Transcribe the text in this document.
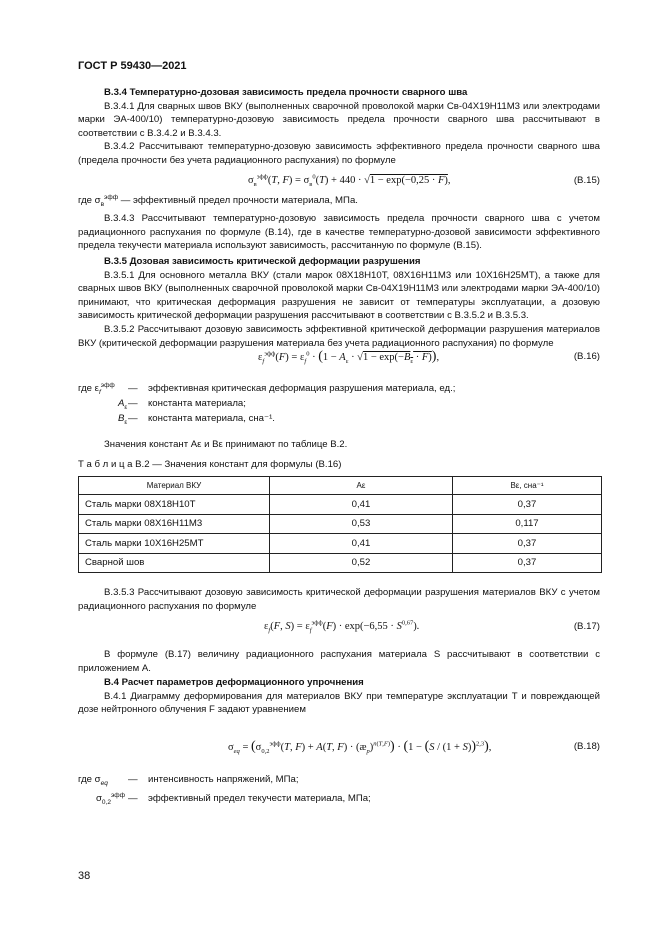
ГОСТ Р 59430—2021

В.3.4 Температурно-дозовая зависимость предела прочности сварного шва

В.3.4.1 Для сварных швов ВКУ (выполненных сварочной проволокой марки Св-04Х19Н11М3 или электродами марки ЭА-400/10) температурно-дозовую зависимость предела прочности сварного шва рассчитывают в соответствии с В.3.4.2 и В.3.4.3.

В.3.4.2 Рассчитывают температурно-дозовую зависимость эффективного предела прочности сварного шва (предела прочности без учета радиационного распухания) по формуле

$\sigma_в^{эфф}(T$, $F) = \sigma_в^0(T) + 440 \cdot √1 - \exp(-0,25 \cdot F)$,	(В.15)

где $\sigma_в^{эфф}$ — эффективный предел прочности материала, МПа.

В.3.4.3 Рассчитывают температурно-дозовую зависимость предела прочности сварного шва с учетом радиационного распухания по формуле (В.14), где в качестве температурно-дозовой зависимости эффективного предела текучести материала используют зависимость, рассчитанную по формуле (В.15).

В.3.5 Дозовая зависимость критической деформации разрушения

В.3.5.1 Для основного металла ВКУ (стали марок 08Х18Н10Т, 08Х16Н11М3 или 10Х16Н25МТ), а также для сварных швов ВКУ (выполненных сварочной проволокой марки Св-04Х19Н11М3 или электродами марки ЭА-400/10) принимают, что критическая деформация разрушения не зависит от температуры эксплуатации, а дозовую зависимость критической деформации разрушения рассчитывают в соответствии с В.3.5.2 и В.3.5.3.

В.3.5.2 Рассчитывают дозовую зависимость эффективной критической деформации разрушения материалов ВКУ (критической деформации разрушения материала без учета радиационного распухания) по формуле

$\varepsilon_f^{эфф}(F) = \varepsilon_f^0 \cdot (1 - A_\varepsilon \cdot √1 - \exp(-B_\varepsilon \cdot F))$,	(В.16)
где $\varepsilon_f^{эфф}$	—	эффективная критическая деформация разрушения материала, ед.;
$A_\varepsilon$ —	константа материала;
$B_\varepsilon$ —	константа материала, сна⁻¹.

Значения констант Aε и Bε принимают по таблице В.2.

Т а б л и ц а В.2 — Значения констант для формулы (В.16)

Материал ВКУ	Aε	Bε, сна⁻¹
Сталь марки 08Х18Н10Т	0,41	0,37
Сталь марки 08Х16Н11М3	0,53	0,117
Сталь марки 10Х16Н25МТ	0,41	0,37
Сварной шов	0,52	0,37

В.3.5.3 Рассчитывают дозовую зависимость критической деформации разрушения материалов ВКУ с учетом радиационного распухания по формуле

$\varepsilon_f(F$, $S) = \varepsilon_f^{эфф}(F) \cdot \exp(-6,55 \cdot S^{0,67})$.	(В.17)

В формуле (В.17) величину радиационного распухания материала S рассчитывают в соответствии с приложением А.

В.4 Расчет параметров деформационного упрочнения

В.4.1 Диаграмму деформирования для материалов ВКУ при температуре эксплуатации T и повреждающей дозе нейтронного облучения F задают уравнением

$\sigma_{eq} = (\sigma_{0,2}^{эфф}(T$, F) + A(T, $F) \cdot (æ_p)^{n(T,F)}) \cdot (1 - (S / (1 + S))^{2,3})$,	(В.18)
где $\sigma_{eq}$	—	интенсивность напряжений, МПа;
$\sigma_{0,2}^{эфф}$ —	эффективный предел текучести материала, МПа;
38
